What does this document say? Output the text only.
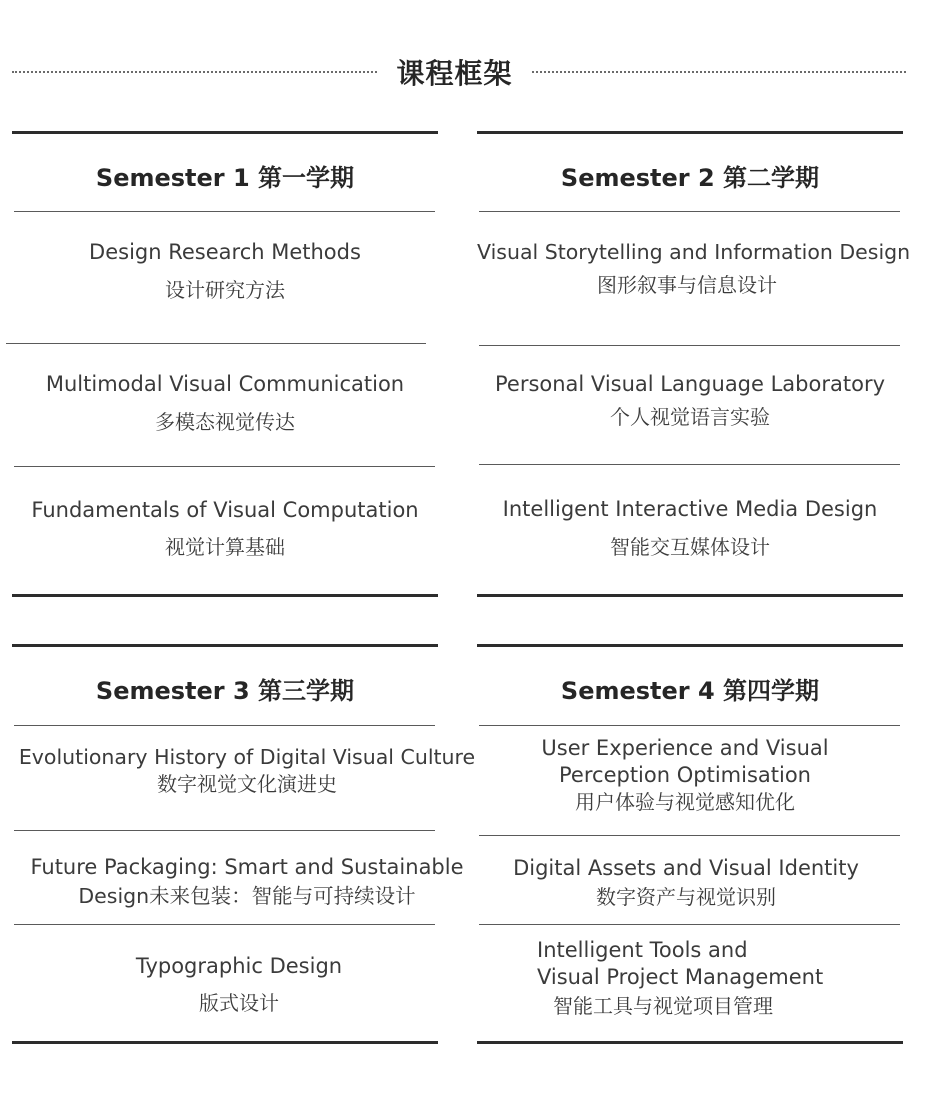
课程框架
Semester 1 第一学期
Design Research Methods
设计研究方法
Multimodal Visual Communication
多模态视觉传达
Fundamentals of Visual Computation
视觉计算基础
Semester 2 第二学期
Visual Storytelling and Information Design
图形叙事与信息设计
Personal Visual Language Laboratory
个人视觉语言实验
Intelligent Interactive Media Design
智能交互媒体设计
Semester 3 第三学期
Evolutionary History of Digital Visual Culture
数字视觉文化演进史
Future Packaging: Smart and Sustainable
Design未来包装：智能与可持续设计
Typographic Design
版式设计
Semester 4 第四学期
User Experience and Visual
Perception Optimisation
用户体验与视觉感知优化
Digital Assets and Visual Identity
数字资产与视觉识别
Intelligent Tools and
Visual Project Management
智能工具与视觉项目管理
